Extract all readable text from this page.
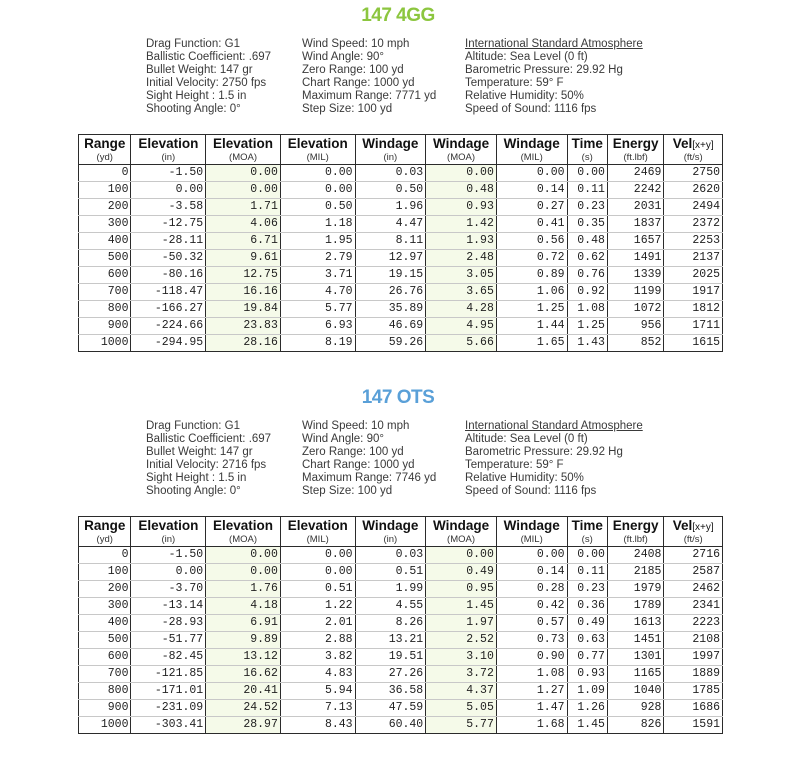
147 4GG
Drag Function: G1
Ballistic Coefficient: .697
Bullet Weight: 147 gr
Initial Velocity: 2750 fps
Sight Height : 1.5 in
Shooting Angle: 0°
Wind Speed: 10 mph
Wind Angle: 90°
Zero Range: 100 yd
Chart Range: 1000 yd
Maximum Range: 7771 yd
Step Size: 100 yd
International Standard Atmosphere
Altitude: Sea Level (0 ft)
Barometric Pressure: 29.92 Hg
Temperature: 59° F
Relative Humidity: 50%
Speed of Sound: 1116 fps
Range	Elevation	Elevation	Elevation	Windage	Windage	Windage	Time	Energy	Vel[x+y]
(yd)	(in)	(MOA)	(MIL)	(in)	(MOA)	(MIL)	(s)	(ft.lbf)	(ft/s)
0	-1.50	0.00	0.00	0.03	0.00	0.00	0.00	2469	2750
100	0.00	0.00	0.00	0.50	0.48	0.14	0.11	2242	2620
200	-3.58	1.71	0.50	1.96	0.93	0.27	0.23	2031	2494
300	-12.75	4.06	1.18	4.47	1.42	0.41	0.35	1837	2372
400	-28.11	6.71	1.95	8.11	1.93	0.56	0.48	1657	2253
500	-50.32	9.61	2.79	12.97	2.48	0.72	0.62	1491	2137
600	-80.16	12.75	3.71	19.15	3.05	0.89	0.76	1339	2025
700	-118.47	16.16	4.70	26.76	3.65	1.06	0.92	1199	1917
800	-166.27	19.84	5.77	35.89	4.28	1.25	1.08	1072	1812
900	-224.66	23.83	6.93	46.69	4.95	1.44	1.25	956	1711
1000	-294.95	28.16	8.19	59.26	5.66	1.65	1.43	852	1615
147 OTS
Drag Function: G1
Ballistic Coefficient: .697
Bullet Weight: 147 gr
Initial Velocity: 2716 fps
Sight Height : 1.5 in
Shooting Angle: 0°
Wind Speed: 10 mph
Wind Angle: 90°
Zero Range: 100 yd
Chart Range: 1000 yd
Maximum Range: 7746 yd
Step Size: 100 yd
International Standard Atmosphere
Altitude: Sea Level (0 ft)
Barometric Pressure: 29.92 Hg
Temperature: 59° F
Relative Humidity: 50%
Speed of Sound: 1116 fps
Range	Elevation	Elevation	Elevation	Windage	Windage	Windage	Time	Energy	Vel[x+y]
(yd)	(in)	(MOA)	(MIL)	(in)	(MOA)	(MIL)	(s)	(ft.lbf)	(ft/s)
0	-1.50	0.00	0.00	0.03	0.00	0.00	0.00	2408	2716
100	0.00	0.00	0.00	0.51	0.49	0.14	0.11	2185	2587
200	-3.70	1.76	0.51	1.99	0.95	0.28	0.23	1979	2462
300	-13.14	4.18	1.22	4.55	1.45	0.42	0.36	1789	2341
400	-28.93	6.91	2.01	8.26	1.97	0.57	0.49	1613	2223
500	-51.77	9.89	2.88	13.21	2.52	0.73	0.63	1451	2108
600	-82.45	13.12	3.82	19.51	3.10	0.90	0.77	1301	1997
700	-121.85	16.62	4.83	27.26	3.72	1.08	0.93	1165	1889
800	-171.01	20.41	5.94	36.58	4.37	1.27	1.09	1040	1785
900	-231.09	24.52	7.13	47.59	5.05	1.47	1.26	928	1686
1000	-303.41	28.97	8.43	60.40	5.77	1.68	1.45	826	1591
